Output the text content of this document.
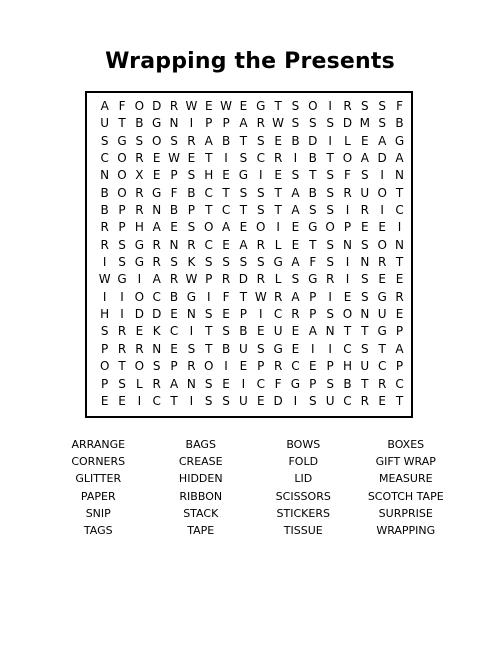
Wrapping the Presents
A F O D R W E W E G T S O I R S S F
U T B G N I P P A R W S S S D M S B
S G S O S R A B T S E B D I	L E A G
C O R E W E T I S C R I B T O A D A
N O X E P S H E G I E S T S F S I N
B O R G F B C T S S T A B S R U O T
B P R N B P T C T S T A S S I R I C
R P H A E S O A E O I E G O P E E I
R S G R N R C E A R L E T S N S O N
I S G R S K S S S S G A F S I N R T
W G I A R W P R D R L S G R I S E E
I	I O C B G I	F T W R A P I E S G R
H I D D E N S E P I C R P S O N U E
S R E K C I T S B E U E A N T T G P
P R R N E S T B U S G E I	I C S T A
O T O S P R O I E P R C E P H U C P
P S L R A N S E I C F G P S B T R C
E E I C T I S S U E D I S U C R E T
ARRANGE	BAGS	BOWS	BOXES
CORNERS	CREASE	FOLD	GIFT WRAP
GLITTER	HIDDEN	LID	MEASURE
PAPER	RIBBON	SCISSORS	SCOTCH TAPE
SNIP	STACK	STICKERS	SURPRISE
TAGS	TAPE	TISSUE	WRAPPING
